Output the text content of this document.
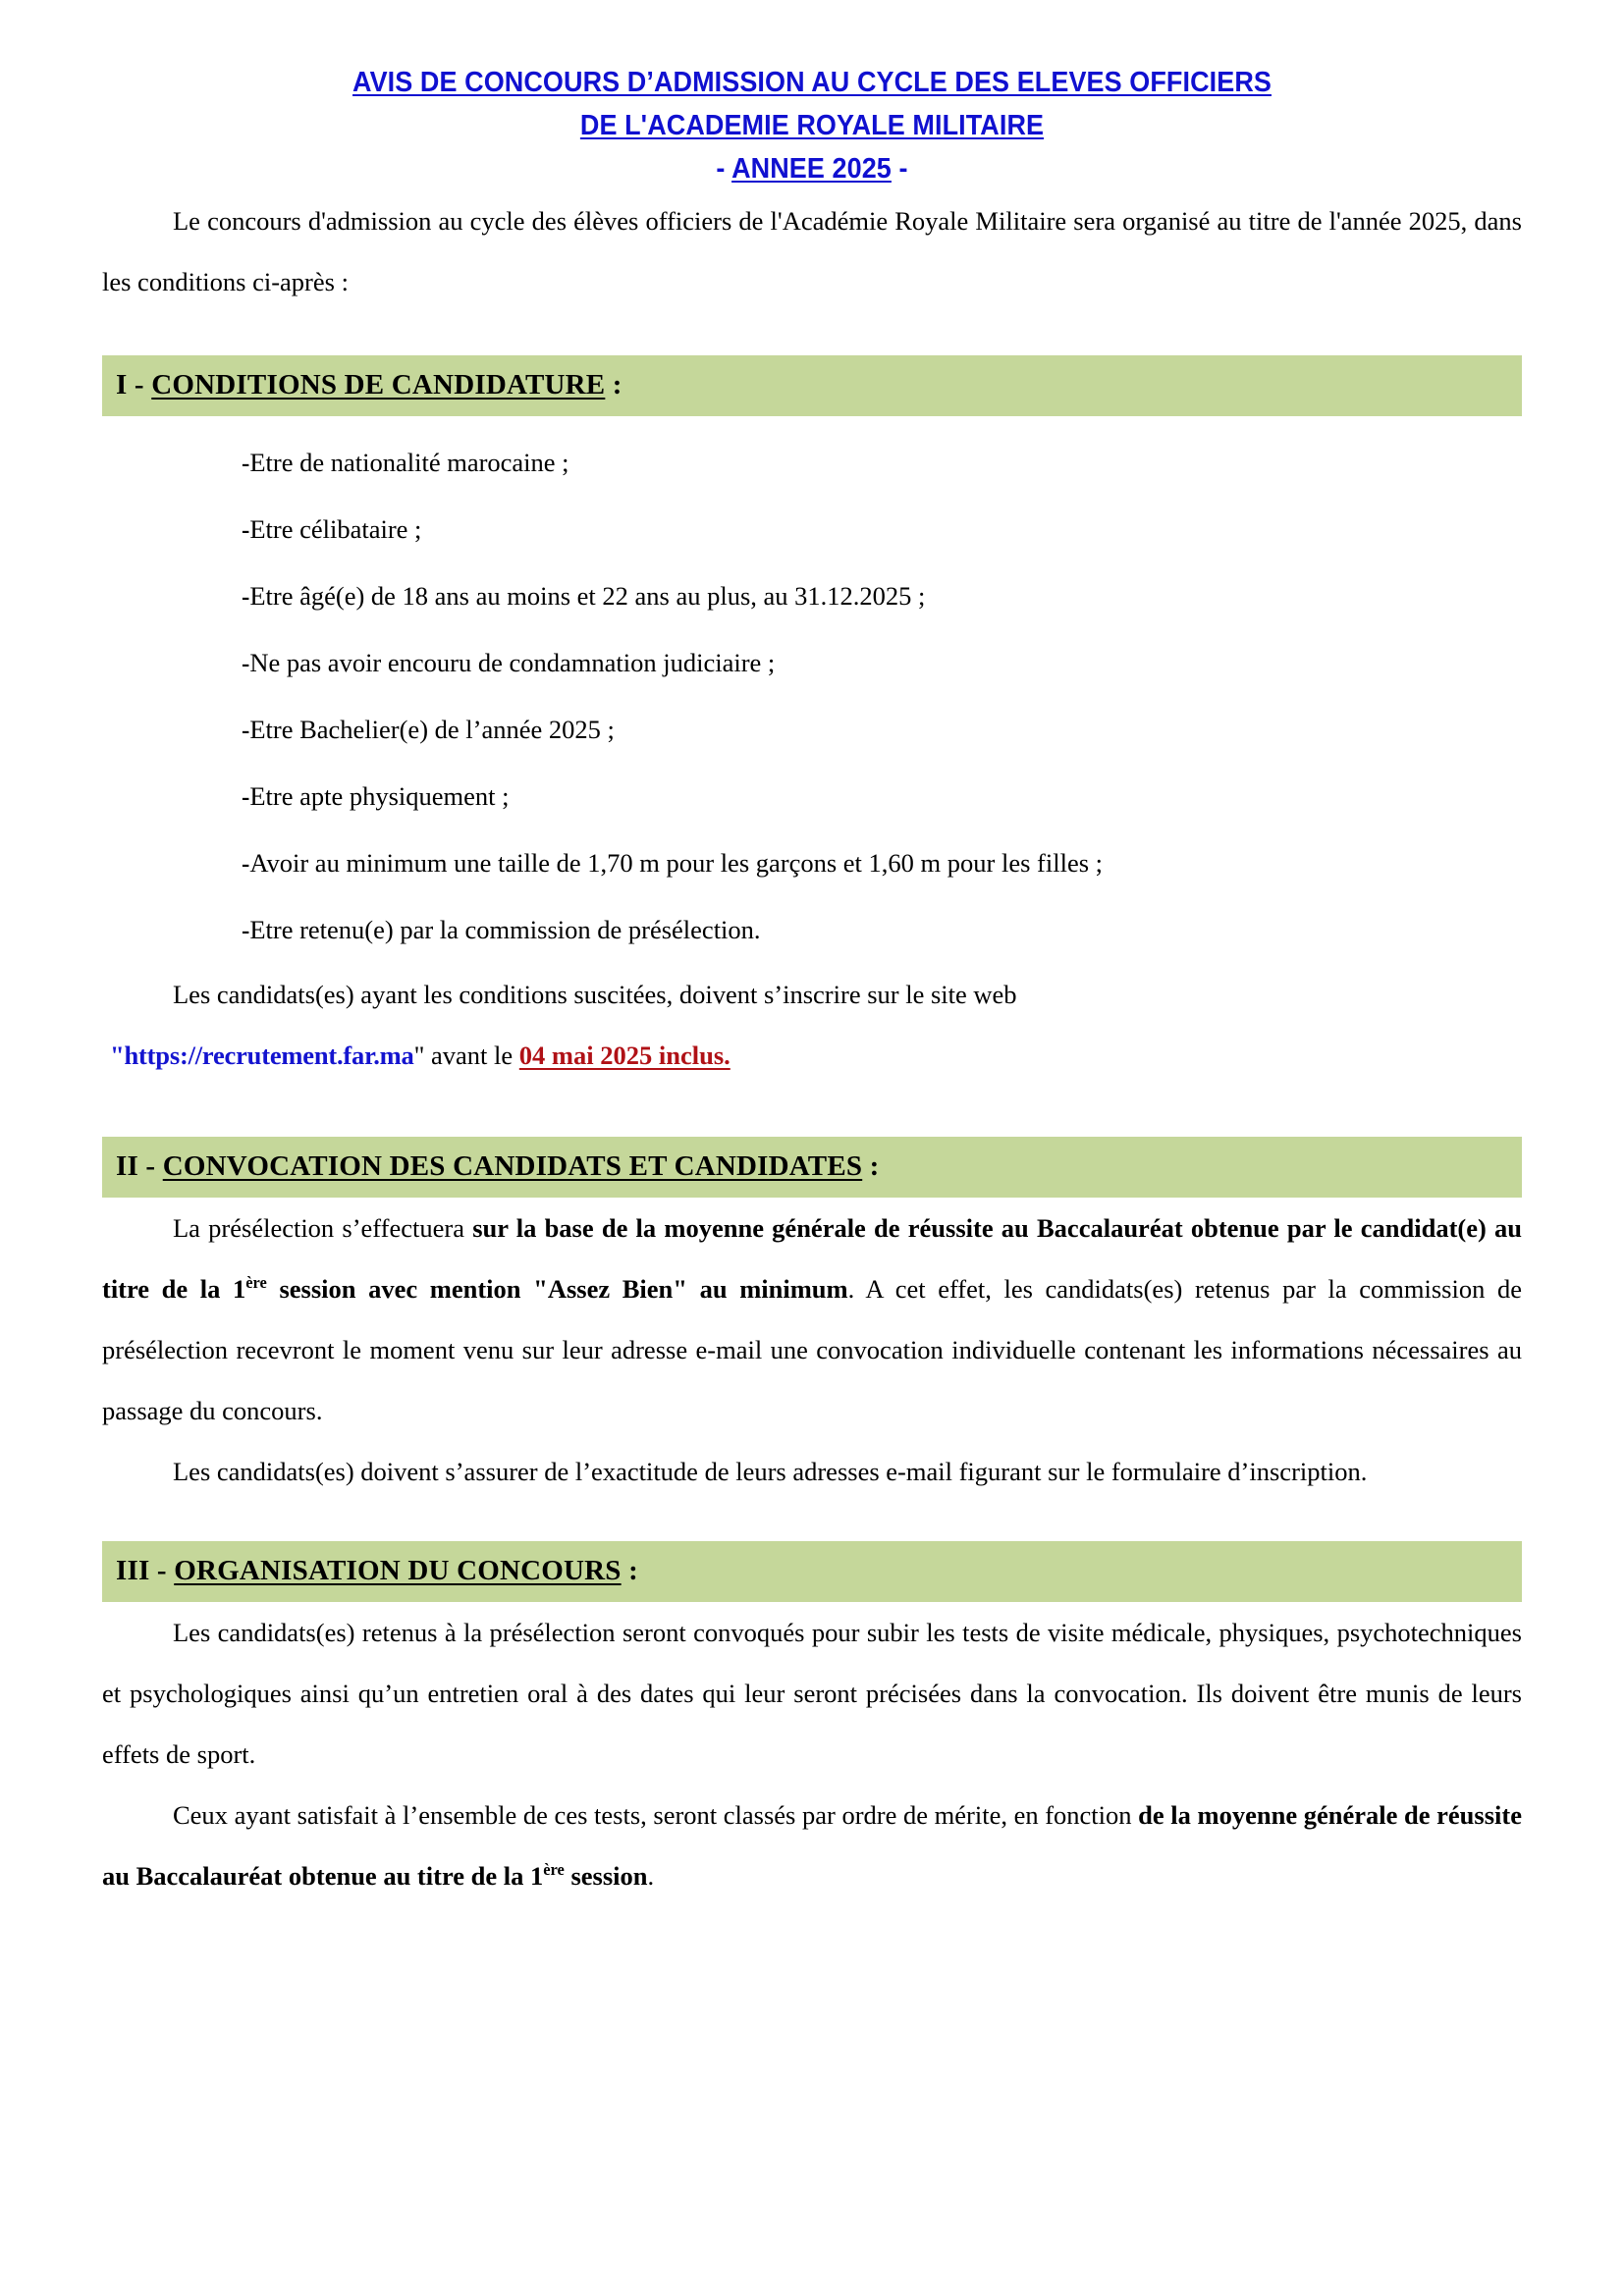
AVIS DE CONCOURS D’ADMISSION AU CYCLE DES ELEVES OFFICIERS
DE L'ACADEMIE ROYALE MILITAIRE
- ANNEE 2025 -

Le concours d'admission au cycle des élèves officiers de l'Académie Royale Militaire sera organisé au titre de l'année 2025, dans les conditions ci-après :

I - CONDITIONS DE CANDIDATURE :
-Etre de nationalité marocaine ;
-Etre célibataire ;
-Etre âgé(e) de 18 ans au moins et 22 ans au plus, au 31.12.2025 ;
-Ne pas avoir encouru de condamnation judiciaire ;
-Etre Bachelier(e) de l’année 2025 ;
-Etre apte physiquement ;
-Avoir au minimum une taille de 1,70 m pour les garçons et 1,60 m pour les filles ;
-Etre retenu(e) par la commission de présélection.

Les candidats(es) ayant les conditions suscitées, doivent s’inscrire sur le site web

"https://recrutement.far.ma" avant le 04 mai 2025 inclus.
II - CONVOCATION DES CANDIDATS ET CANDIDATES :

La présélection s’effectuera sur la base de la moyenne générale de réussite au Baccalauréat obtenue par le candidat(e) au titre de la 1ère session avec mention "Assez Bien" au minimum. A cet effet, les candidats(es) retenus par la commission de présélection recevront le moment venu sur leur adresse e-mail une convocation individuelle contenant les informations nécessaires au passage du concours.

Les candidats(es) doivent s’assurer de l’exactitude de leurs adresses e-mail figurant sur le formulaire d’inscription.

III - ORGANISATION DU CONCOURS :

Les candidats(es) retenus à la présélection seront convoqués pour subir les tests de visite médicale, physiques, psychotechniques et psychologiques ainsi qu’un entretien oral à des dates qui leur seront précisées dans la convocation. Ils doivent être munis de leurs effets de sport.

Ceux ayant satisfait à l’ensemble de ces tests, seront classés par ordre de mérite, en fonction de la moyenne générale de réussite au Baccalauréat obtenue au titre de la 1ère session.
